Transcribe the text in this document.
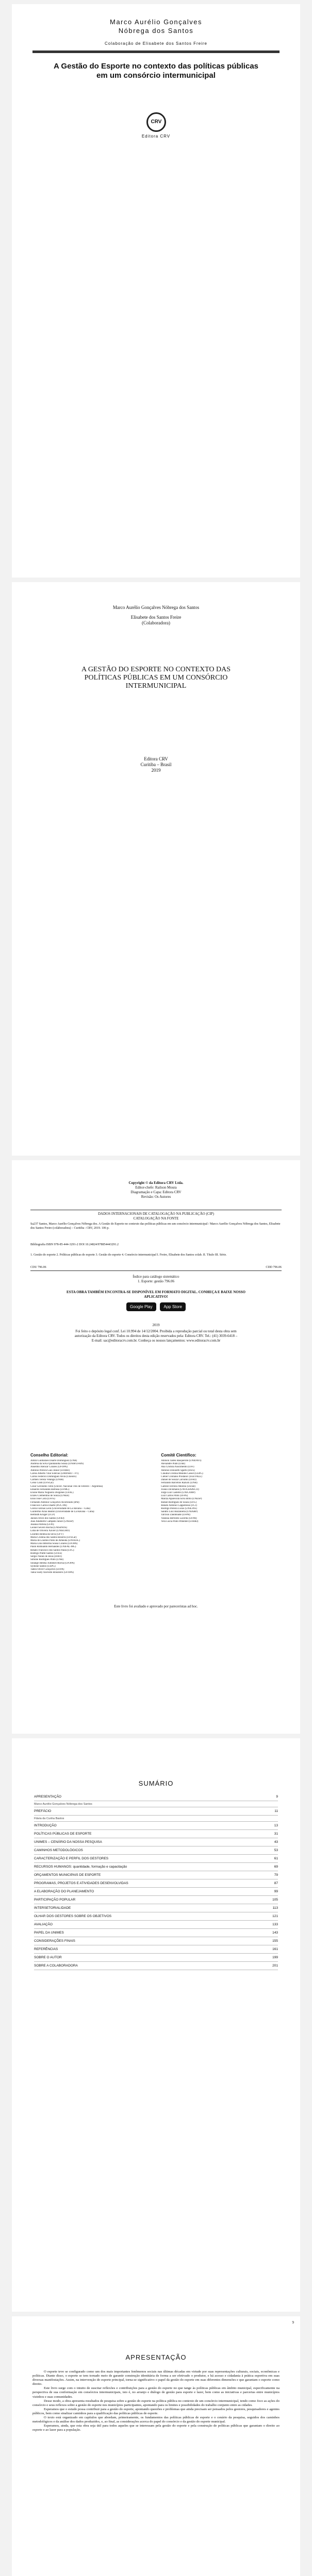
Marco Aurélio Gonçalves
Nóbrega dos Santos
Colaboração de Elisabete dos Santos Freire
A Gestão do Esporte no contexto das políticas públicas em um consórcio intermunicipal
CRV
Editora CRV
Marco Aurélio Gonçalves Nóbrega dos Santos
Elisabete dos Santos Freire
(Colaboradora)
A GESTÃO DO ESPORTE NO CONTEXTO DAS POLÍTICAS PÚBLICAS EM UM CONSÓRCIO INTERMUNICIPAL
Editora CRV
Curitiba – Brasil
2019
Copyright © da Editora CRV Ltda.
Editor-chefe: Railson Moura
Diagramação e Capa: Editora CRV
Revisão: Os Autores
DADOS INTERNACIONAIS DE CATALOGAÇÃO NA PUBLICAÇÃO (CIP)
CATALOGAÇÃO NA FONTE
Sa237 Santos, Marco Aurélio Gonçalves Nóbrega dos. A Gestão do Esporte no contexto das políticas públicas em um consórcio intermunicipal / Marco Aurélio Gonçalves Nóbrega dos Santos, Elisabete dos Santos Freire (colaboradora) – Curitiba : CRV, 2019. 106 p.
Bibliografia ISBN 978-85-444-3291-2 DOI 10.24824/978854443291.2
1. Gestão do esporte 2. Políticas públicas do esporte 3. Gestão do esporte 4. Consórcio intermunicipal I. Freire, Elisabete dos Santos colab. II. Título III. Série.
CDU 796.06	CDD 796.06
Índice para catálogo sistemático
1. Esporte: gestão 796.06
ESTA OBRA TAMBÉM ENCONTRA-SE DISPONÍVEL EM FORMATO DIGITAL. CONHEÇA E BAIXE NOSSO APLICATIVO!
Google Play	App Store
2019
Foi feito o depósito legal conf. Lei 10.994 de 14/12/2004. Proibida a reprodução parcial ou total desta obra sem autorização da Editora CRV. Todos os direitos desta edição reservados pela: Editora CRV. Tel.: (41) 3039-6418 – E-mail: sac@editoracrv.com.br. Conheça os nossos lançamentos: www.editoracrv.com.br
Conselho Editorial:
Aldira Guimarães Duarte Domínguez (UNB)
Andréia da Silva Quintanilha Sousa (UNIR/UFRN)
Anselmo Alencar Colares (UFOPA)
Antônio Pereira Gaio Júnior (UFRRJ)
Carlos Alberto Vilar Estêvão (UMINHO – PT)
Carlos Federico Dominguez Avila (Unieuro)
Carmen Tereza Velanga (UNIR)
Celso Conti (UFSCar)
Cesar Gerónimo Tello (Univer. Nacional Três de Febrero – Argentina)
Eduardo Fernandes Barbosa (UFMG)
Elione Maria Nogueira Diogenes (UFAL)
Elizeu Clementino de Souza (UNEB)
Élsio José Corá (UFFS)
Fernando Antônio Gonçalves Alcoforado (IPB)
Francisco Carlos Duarte (PUC-PR)
Gloria Fariñas León (Universidade de La Havana – Cuba)
Guillermo Arias Beatón (Universidade de La Havana – Cuba)
Helmuth Krüger (UCP)
Jailson Alves dos Santos (UFRJ)
João Adalberto Campato Junior (UNESP)
Josania Portela (UFPI)
Leonel Severo Rocha (UNISINOS)
Lídia de Oliveira Xavier (UNIEURO)
Lourdes Helena da Silva (UFV)
Maria Cristina dos Santos Bezerra (UFSCar)
Maria de Lourdes Pinto de Almeida (UNOESC)
Maria Lília Imbiriba Sousa Colares (UFOPA)
Paulo Romualdo Hernandes (UNIFAL-MG)
Renato Francisco dos Santos Paula (UFG)
Rodrigo Pratte-Santos (UFES)
Sérgio Nunes de Jesus (IFRO)
Simone Rodrigues Pinto (UNB)
Solange Helena Ximenes-Rocha (UFOPA)
Sydione Santos (UEPG)
Tadeu Oliver Gonçalves (UFPA)
Tania Suely Azevedo Brasileiro (UFOPA)
Comitê Científico:
Adilson Tadeu Basquerote (UNIDAVI)
Alexandre Pilati (UnB)
Ana Cristina Nascimento (UFF)
Antonio Donizetti Sgarbi (IFES)
Cláudia Cristina Mendes Giesel (UEPG)
Cleber Cristiano Prodanov (FEEVALE)
Daniel de Souza Carvalho (UFRJ)
Fernando Barcellos Razuck (UNB)
Gabriel Ferreira Moreno (UESB)
Ivanio Dickmann (UNOCHAPECÓ)
Jorge Luiz Castello (UNICAMP)
Luiz Carlos Pinto (UFPE)
Mariza Aparecida Silva Brito (UNESP)
Rafael Rodrigues de Souza (UFG)
Renato Antônio Cappellesso (FCJ)
Rodrigo Pereira Lucas (UNILINS)
Sandro Luiz Bazzanella (UNIARP)
Tarcísio Zandonade (UFPR)
Vanessa Bertoldo Lacerda (UFPB)
Vera Lucia Pinto Pimentel (UFRRJ)
Este livro foi avaliado e aprovado por pareceristas ad hoc.
SUMÁRIO
APRESENTAÇÃO	9
Marco Aurélio Gonçalves Nóbrega dos Santos
PREFÁCIO	11
Flávia da Cunha Bastos
INTRODUÇÃO	13
POLÍTICAS PÚBLICAS DE ESPORTE	31
UNIMES – CENÁRIO DA NOSSA PESQUISA	43
CAMINHOS METODOLÓGICOS	53
CARACTERIZAÇÃO E PERFIL DOS GESTORES	61
RECURSOS HUMANOS: quantidade, formação e capacitação	69
ORÇAMENTOS MUNICIPAIS DE ESPORTE	79
PROGRAMAS, PROJETOS E ATIVIDADES DESENVOLVIDAS	87
A ELABORAÇÃO DO PLANEJAMENTO	99
PARTICIPAÇÃO POPULAR	105
INTERSETORIALIDADE	113
OLHAR DOS GESTORES SOBRE OS OBJETIVOS	121
AVALIAÇÃO	133
PAPEL DA UNIMES	143
CONSIDERAÇÕES FINAIS	155
REFERÊNCIAS	161
SOBRE O AUTOR	199
SOBRE A COLABORADORA	201
9
APRESENTAÇÃO

O esporte teve se configurado como um dos mais importantes fenômenos sociais nas últimas décadas em virtude por suas representações culturais, sociais, econômicas e políticas. Diante disso, o esporte se tem tornado meio de garantir construção identitária de forma a ser efetivado o produtor, e há acesso e cidadania à prática esportiva em suas diversas manifestações. Assim, na intervenção do esporte principal, torna-se significativo o papel da gestão do esporte em suas diferentes dimensões e que garantam o esporte como direito.

Este livro surge com o intuito de suscitar reflexões e contribuições para a gestão do esporte no que tange às políticas públicas em âmbito municipal, especificamente na perspectiva de sua conformação em consórcios intermunicipais, isto é, no arranjo e diálogo de gestão para esporte e lazer, bem como as iniciativas e parcerias entre municípios vizinhos e suas comunidades.

Desse modo, a obra apresenta resultados de pesquisa sobre a gestão do esporte na política pública no contexto de um consórcio intermunicipal, tendo como foco as ações do consórcio e seus reflexos sobre a gestão do esporte nos municípios participantes, apontando para os limites e possibilidades do trabalho conjunto entre as cidades.

Esperamos que o estudo possa contribuir para a gestão do esporte, apontando questões e problemas que ainda precisam ser pensados pelos gestores, pesquisadores e agentes públicos, bem como sinalizar caminhos para a qualificação das políticas públicas de esporte.

O texto está organizado em capítulos que abordam, primeiramente, os fundamentos das políticas públicas de esporte e o cenário da pesquisa, seguidos dos caminhos metodológicos e da análise dos dados produzidos, e, ao final, as considerações acerca do papel do consórcio e da gestão do esporte municipal.

Esperamos, ainda, que esta obra seja útil para todos aqueles que se interessam pela gestão do esporte e pela construção de políticas públicas que garantam o direito ao esporte e ao lazer para a população.
